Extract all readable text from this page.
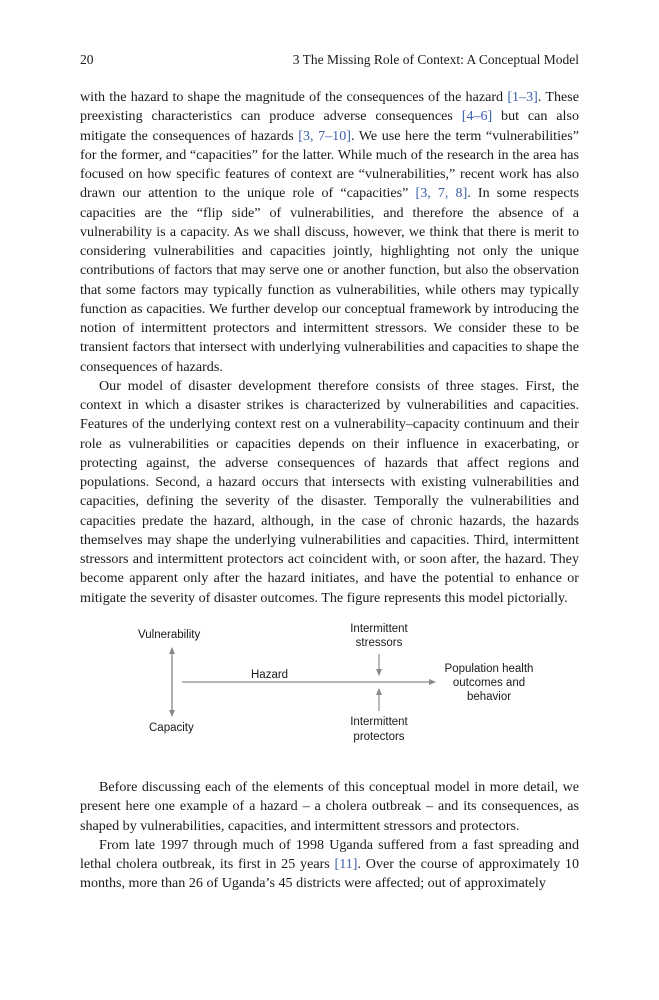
20	3 The Missing Role of Context: A Conceptual Model

with the hazard to shape the magnitude of the consequences of the hazard [1–3]. These preexisting characteristics can produce adverse consequences [4–6] but can also mitigate the consequences of hazards [3, 7–10]. We use here the term “vulnerabilities” for the former, and “capacities” for the latter. While much of the research in the area has focused on how specific features of context are “vulnerabilities,” recent work has also drawn our attention to the unique role of “capacities” [3, 7, 8]. In some respects capacities are the “flip side” of vulnerabilities, and therefore the absence of a vulnerability is a capacity. As we shall discuss, however, we think that there is merit to considering vulnerabilities and capacities jointly, highlighting not only the unique contributions of factors that may serve one or another function, but also the observation that some factors may typically function as vulnerabilities, while others may typically function as capacities. We further develop our conceptual framework by introducing the notion of intermittent protectors and intermittent stressors. We consider these to be transient factors that intersect with underlying vulnerabilities and capacities to shape the consequences of hazards.

Our model of disaster development therefore consists of three stages. First, the context in which a disaster strikes is characterized by vulnerabilities and capacities. Features of the underlying context rest on a vulnerability–capacity continuum and their role as vulnerabilities or capacities depends on their influence in exacerbating, or protecting against, the adverse consequences of hazards that affect regions and populations. Second, a hazard occurs that intersects with existing vulnerabilities and capacities, defining the severity of the disaster. Temporally the vulnerabilities and capacities predate the hazard, although, in the case of chronic hazards, the hazards themselves may shape the underlying vulnerabilities and capacities. Third, intermittent stressors and intermittent protectors act coincident with, or soon after, the hazard. They become apparent only after the hazard initiates, and have the potential to enhance or mitigate the severity of disaster outcomes. The figure represents this model pictorially.

Vulnerability
Capacity
Hazard
Intermittent
stressors
Intermittent
protectors
Population health
outcomes and
behavior

Before discussing each of the elements of this conceptual model in more detail, we present here one example of a hazard – a cholera outbreak – and its consequences, as shaped by vulnerabilities, capacities, and intermittent stressors and protectors.

From late 1997 through much of 1998 Uganda suffered from a fast spreading and lethal cholera outbreak, its first in 25 years [11]. Over the course of approximately 10 months, more than 26 of Uganda’s 45 districts were affected; out of approximately
